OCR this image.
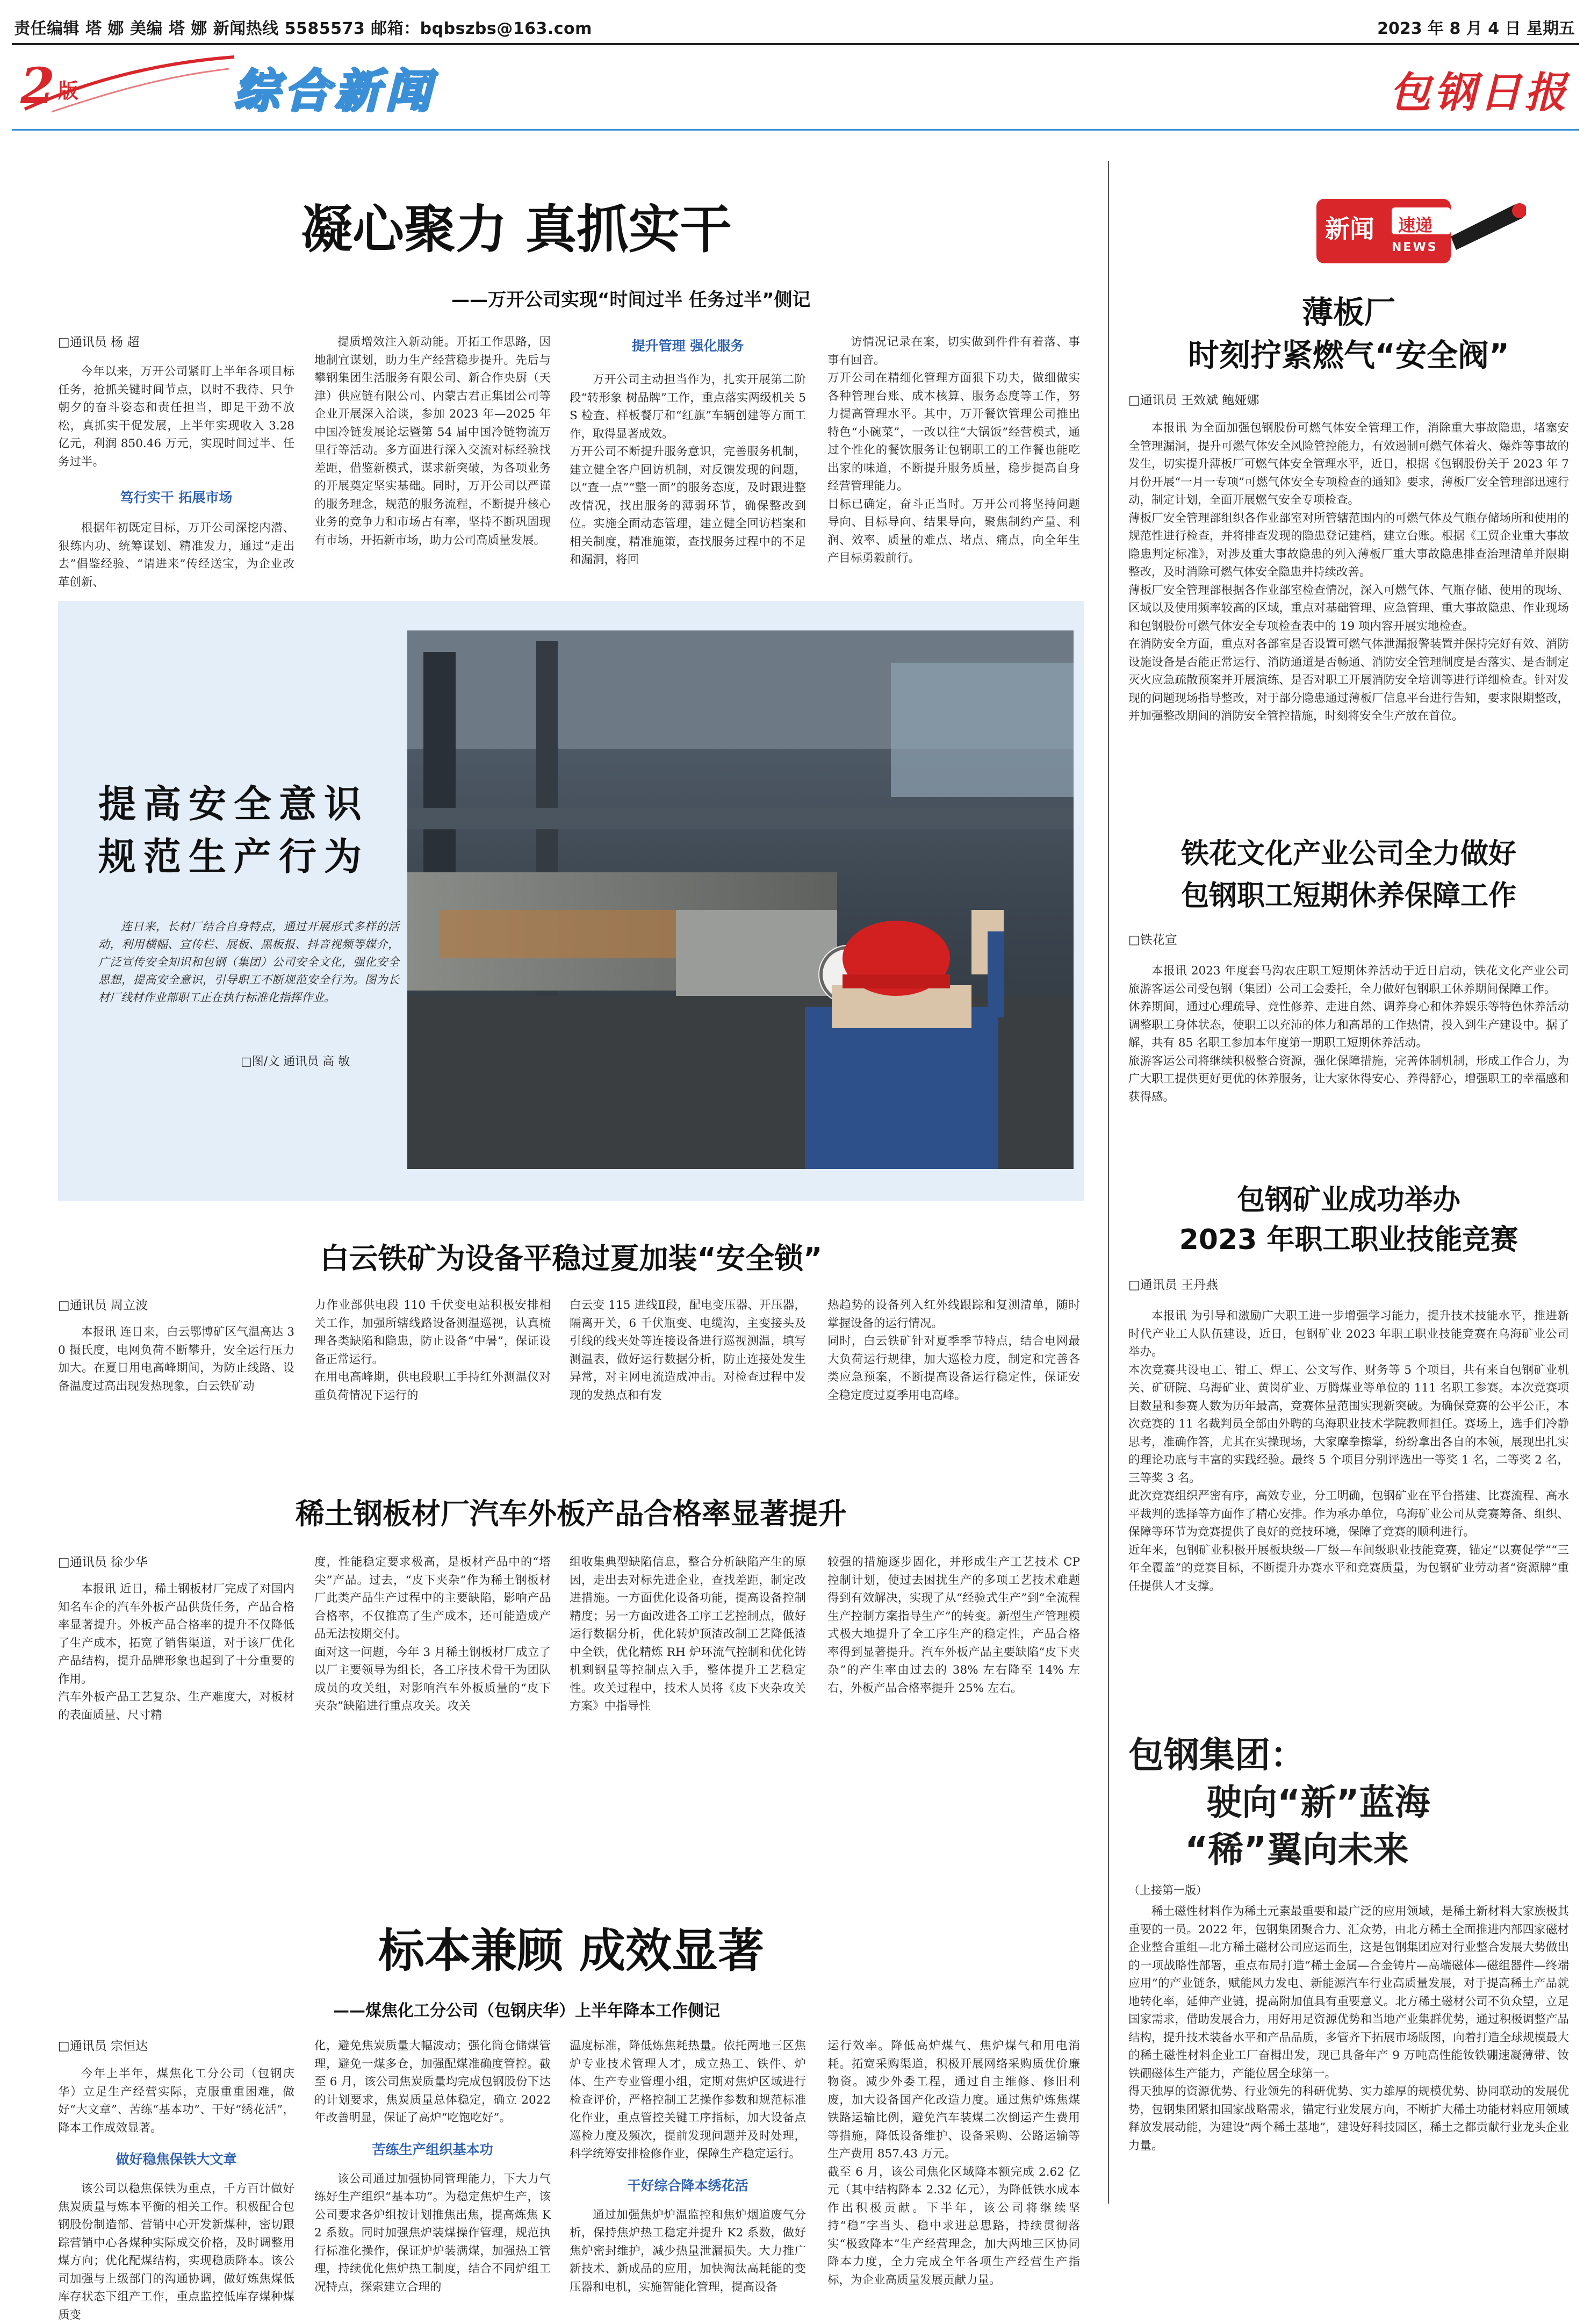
责任编辑 塔 娜 美编 塔 娜 新闻热线 5585573 邮箱：bqbszbs@163.com	2023 年 8 月 4 日 星期五
2 版	综合新闻	包钢日报
凝心聚力 真抓实干
——万开公司实现“时间过半 任务过半”侧记
□通讯员 杨 超

今年以来，万开公司紧盯上半年各项目标任务，抢抓关键时间节点，以时不我待、只争朝夕的奋斗姿态和责任担当，即足干劲不放松，真抓实干促发展，上半年实现收入 3.28 亿元，利润 850.46 万元，实现时间过半、任务过半。

笃行实干 拓展市场

根据年初既定目标，万开公司深挖内潜、狠练内功、统筹谋划、精准发力，通过“走出去”倡鉴经验、“请进来”传经送宝，为企业改革创新、

提质增效注入新动能。开拓工作思路，因地制宜谋划，助力生产经营稳步提升。先后与攀钢集团生活服务有限公司、新合作央厨（天津）供应链有限公司、内蒙古君正集团公司等企业开展深入洽谈，参加 2023 年—2025 年中国冷链发展论坛暨第 54 届中国冷链物流万里行等活动。多方面进行深入交流对标经验找差距，借鉴新模式，谋求新突破，为各项业务的开展奠定坚实基础。同时，万开公司以严谨的服务理念，规范的服务流程，不断提升核心业务的竞争力和市场占有率，坚持不断巩固现有市场，开拓新市场，助力公司高质量发展。

提升管理 强化服务
万开公司主动担当作为，扎实开展第二阶段“转形象 树品牌”工作，重点落实两级机关 5S 检查、样板餐厅和“红旗”车辆创建等方面工作，取得显著成效。
万开公司不断提升服务意识，完善服务机制，建立健全客户回访机制，对反馈发现的问题，以“查一点”“整一面”的服务态度，及时跟进整改情况，找出服务的薄弱环节，确保整改到位。实施全面动态管理，建立健全回访档案和相关制度，精准施策，查找服务过程中的不足和漏洞，将回
访情况记录在案，切实做到件件有着落、事事有回音。
万开公司在精细化管理方面狠下功夫，做细做实各种管理台账、成本核算、服务态度等工作，努力提高管理水平。其中，万开餐饮管理公司推出特色“小碗菜”，一改以往“大锅饭”经营模式，通过个性化的餐饮服务让包钢职工的工作餐也能吃出家的味道，不断提升服务质量，稳步提高自身经营管理能力。
目标已确定，奋斗正当时。万开公司将坚持问题导向、目标导向、结果导向，聚焦制约产量、利润、效率、质量的难点、堵点、痛点，向全年生产目标勇毅前行。
提高安全意识
规范生产行为
连日来，长材厂结合自身特点，通过开展形式多样的活动，利用横幅、宣传栏、展板、黑板报、抖音视频等媒介，广泛宣传安全知识和包钢（集团）公司安全文化，强化安全思想，提高安全意识，引导职工不断规范安全行为。图为长材厂线材作业部职工正在执行标准化指挥作业。
□图/文 通讯员 高 敏
白云铁矿为设备平稳过夏加装“安全锁”
□通讯员 周立波
本报讯 连日来，白云鄂博矿区气温高达 30 摄氏度，电网负荷不断攀升，安全运行压力加大。在夏日用电高峰期间，为防止线路、设备温度过高出现发热现象，白云铁矿动
力作业部供电段 110 千伏变电站积极安排相关工作，加强所辖线路设备测温巡视，认真梳理各类缺陷和隐患，防止设备“中暑”，保证设备正常运行。
在用电高峰期，供电段职工手持红外测温仪对重负荷情况下运行的
白云变 115 进线Ⅱ段，配电变压器、开压器，隔离开关，6 千伏瓶变、电缆沟，主变接头及引线的线夹处等连接设备进行巡视测温，填写测温表，做好运行数据分析，防止连接处发生异常，对主网电流造成冲击。对检查过程中发现的发热点和有发
热趋势的设备列入红外线跟踪和复测清单，随时掌握设备的运行情况。
同时，白云铁矿针对夏季季节特点，结合电网最大负荷运行规律，加大巡检力度，制定和完善各类应急预案，不断提高设备运行稳定性，保证安全稳定度过夏季用电高峰。
稀土钢板材厂汽车外板产品合格率显著提升
□通讯员 徐少华
本报讯 近日，稀土钢板材厂完成了对国内知名车企的汽车外板产品供货任务，产品合格率显著提升。外板产品合格率的提升不仅降低了生产成本，拓宽了销售渠道，对于该厂优化产品结构，提升品牌形象也起到了十分重要的作用。
汽车外板产品工艺复杂、生产难度大，对板材的表面质量、尺寸精
度，性能稳定要求极高，是板材产品中的“塔尖”产品。过去，“皮下夹杂”作为稀土钢板材厂此类产品生产过程中的主要缺陷，影响产品合格率，不仅推高了生产成本，还可能造成产品无法按期交付。
面对这一问题，今年 3 月稀土钢板材厂成立了以厂主要领导为组长，各工序技术骨干为团队成员的攻关组，对影响汽车外板质量的“皮下夹杂”缺陷进行重点攻关。攻关
组收集典型缺陷信息，整合分析缺陷产生的原因，走出去对标先进企业，查找差距，制定改进措施。一方面优化设备功能，提高设备控制精度；另一方面改进各工序工艺控制点，做好运行数据分析，优化转炉顶渣改制工艺降低渣中全铁，优化精炼 RH 炉环流气控制和优化铸机剩钢量等控制点入手，整体提升工艺稳定性。攻关过程中，技术人员将《皮下夹杂攻关方案》中指导性
较强的措施逐步固化，并形成生产工艺技术 CP 控制计划，使过去困扰生产的多项工艺技术难题得到有效解决，实现了从“经验式生产”到“全流程生产控制方案指导生产”的转变。新型生产管理模式极大地提升了全工序生产的稳定性，产品合格率得到显著提升。汽车外板产品主要缺陷“皮下夹杂”的产生率由过去的 38% 左右降至 14% 左右，外板产品合格率提升 25% 左右。
标本兼顾 成效显著
——煤焦化工分公司（包钢庆华）上半年降本工作侧记
□通讯员 宗恒达

今年上半年，煤焦化工分公司（包钢庆华）立足生产经营实际，克服重重困难，做好“大文章”、苦练“基本功”、干好“绣花活”，降本工作成效显著。

做好稳焦保铁大文章

该公司以稳焦保铁为重点，千方百计做好焦炭质量与炼本平衡的相关工作。积极配合包钢股份制造部、营销中心开发新煤种，密切跟踪营销中心各煤种实际成交价格，及时调整用煤方向；优化配煤结构，实现稳质降本。该公司加强与上级部门的沟通协调，做好炼焦煤低库存状态下组产工作，重点监控低库存煤种煤质变

化，避免焦炭质量大幅波动；强化筒仓储煤管理，避免一煤多仓，加强配煤准确度管控。截至 6 月，该公司焦炭质量均完成包钢股份下达的计划要求，焦炭质量总体稳定，确立 2022 年改善明显，保证了高炉“吃饱吃好”。
苦练生产组织基本功

该公司通过加强协同管理能力，下大力气练好生产组织“基本功”。为稳定焦炉生产，该公司要求各炉组按计划推焦出焦，提高炼焦 K2 系数。同时加强焦炉装煤操作管理，规范执行标准化操作，保证炉炉装满煤，加强热工管理，持续优化焦炉热工制度，结合不同炉组工况特点，探索建立合理的

温度标准，降低炼焦耗热量。依托两地三区焦炉专业技术管理人才，成立热工、铁件、炉体、生产专业管理小组，定期对焦炉区域进行检查评价，严格控制工艺操作参数和规范标准化作业，重点管控关键工序指标，加大设备点巡检力度及频次，提前发现问题并及时处理，科学统筹安排检修作业，保障生产稳定运行。
干好综合降本绣花活

通过加强焦炉炉温监控和焦炉烟道废气分析，保持焦炉热工稳定并提升 K2 系数，做好焦炉密封维护，减少热量泄漏损失。大力推广新技术、新成品的应用，加快淘汰高耗能的变压器和电机，实施智能化管理，提高设备

运行效率。降低高炉煤气、焦炉煤气和用电消耗。拓宽采购渠道，积极开展网络采购质优价廉物资。减少外委工程，通过自主维修、修旧利废，加大设备国产化改造力度。通过焦炉炼焦煤铁路运输比例，避免汽车装煤二次倒运产生费用等措施，降低设备维护、设备采购、公路运输等生产费用 857.43 万元。
截至 6 月，该公司焦化区域降本额完成 2.62 亿元（其中结构降本 2.32 亿元），为降低铁水成本作出积极贡献。下半年，该公司将继续坚持“稳”字当头、稳中求进总思路，持续贯彻落实“极致降本”生产经营理念，加大两地三区协同降本力度，全力完成全年各项生产经营生产指标，为企业高质量发展贡献力量。
新闻 速递
NEWS
薄板厂
时刻拧紧燃气“安全阀”
□通讯员 王效斌 鲍娅娜
本报讯 为全面加强包钢股份可燃气体安全管理工作，消除重大事故隐患，堵塞安全管理漏洞，提升可燃气体安全风险管控能力，有效遏制可燃气体着火、爆炸等事故的发生，切实提升薄板厂可燃气体安全管理水平，近日，根据《包钢股份关于 2023 年 7 月份开展“一月一专项”可燃气体安全专项检查的通知》要求，薄板厂安全管理部迅速行动，制定计划，全面开展燃气安全专项检查。
薄板厂安全管理部组织各作业部室对所管辖范围内的可燃气体及气瓶存储场所和使用的规范性进行检查，并将排查发现的隐患登记建档，建立台账。根据《工贸企业重大事故隐患判定标准》，对涉及重大事故隐患的列入薄板厂重大事故隐患排查治理清单并限期整改，及时消除可燃气体安全隐患并持续改善。
薄板厂安全管理部根据各作业部室检查情况，深入可燃气体、气瓶存储、使用的现场、区域以及使用频率较高的区域，重点对基础管理、应急管理、重大事故隐患、作业现场和包钢股份可燃气体安全专项检查表中的 19 项内容开展实地检查。
在消防安全方面，重点对各部室是否设置可燃气体泄漏报警装置并保持完好有效、消防设施设备是否能正常运行、消防通道是否畅通、消防安全管理制度是否落实、是否制定灭火应急疏散预案并开展演练、是否对职工开展消防安全培训等进行详细检查。针对发现的问题现场指导整改，对于部分隐患通过薄板厂信息平台进行告知，要求限期整改，并加强整改期间的消防安全管控措施，时刻将安全生产放在首位。
铁花文化产业公司全力做好
包钢职工短期休养保障工作
□铁花宣
本报讯 2023 年度套马沟农庄职工短期休养活动于近日启动，铁花文化产业公司旅游客运公司受包钢（集团）公司工会委托，全力做好包钢职工休养期间保障工作。
休养期间，通过心理疏导、竞性修养、走进自然、调养身心和休养娱乐等特色休养活动调整职工身体状态，使职工以充沛的体力和高昂的工作热情，投入到生产建设中。据了解，共有 85 名职工参加本年度第一期职工短期休养活动。
旅游客运公司将继续积极整合资源，强化保障措施，完善体制机制，形成工作合力，为广大职工提供更好更优的休养服务，让大家休得安心、养得舒心，增强职工的幸福感和获得感。
包钢矿业成功举办
2023 年职工职业技能竞赛
□通讯员 王丹燕
本报讯 为引导和激励广大职工进一步增强学习能力，提升技术技能水平，推进新时代产业工人队伍建设，近日，包钢矿业 2023 年职工职业技能竞赛在乌海矿业公司举办。
本次竞赛共设电工、钳工、焊工、公文写作、财务等 5 个项目，共有来自包钢矿业机关、矿研院、乌海矿业、黄岗矿业、万腾煤业等单位的 111 名职工参赛。本次竞赛项目数量和参赛人数为历年最高，竞赛体量范围实现新突破。为确保竞赛的公平公正，本次竞赛的 11 名裁判员全部由外聘的乌海职业技术学院教师担任。赛场上，选手们冷静思考，准确作答，尤其在实操现场，大家摩拳擦掌，纷纷拿出各自的本领，展现出扎实的理论功底与丰富的实践经验。最终 5 个项目分别评选出一等奖 1 名，二等奖 2 名，三等奖 3 名。
此次竞赛组织严密有序，高效专业，分工明确，包钢矿业在平台搭建、比赛流程、高水平裁判的选择等方面作了精心安排。作为承办单位，乌海矿业公司从竞赛筹备、组织、保障等环节为竞赛提供了良好的竞技环境，保障了竞赛的顺利进行。
近年来，包钢矿业积极开展板块级—厂级—车间级职业技能竞赛，锚定“以赛促学”“三年全覆盖”的竞赛目标，不断提升办赛水平和竞赛质量，为包钢矿业劳动者“资源牌”重任提供人才支撑。
包钢集团：
驶向“新”蓝海
“稀”翼向未来
（上接第一版）
稀土磁性材料作为稀土元素最重要和最广泛的应用领域，是稀土新材料大家族极其重要的一员。2022 年，包钢集团聚合力、汇众势，由北方稀土全面推进内部四家磁材企业整合重组—北方稀土磁材公司应运而生，这是包钢集团应对行业整合发展大势做出的一项战略性部署，重点布局打造“稀土金属—合金铸片—高端磁体—磁组器件—终端应用”的产业链条，赋能风力发电、新能源汽车行业高质量发展，对于提高稀土产品就地转化率，延伸产业链，提高附加值具有重要意义。北方稀土磁材公司不负众望，立足国家需求，借助发展合力，用好用足资源优势和当地产业集群优势，通过积极调整产品结构，提升技术装备水平和产品品质，多管齐下拓展市场版图，向着打造全球规模最大的稀土磁性材料企业工厂奋楫出发，现已具备年产 9 万吨高性能钕铁硼速凝薄带、钕铁硼磁体生产能力，产能位居全球第一。
得天独厚的资源优势、行业领先的科研优势、实力雄厚的规模优势、协同联动的发展优势，包钢集团紧扣国家战略需求，锚定行业发展方向，不断扩大稀土功能材料应用领域释放发展动能，为建设“两个稀土基地”，建设好科技园区，稀土之都贡献行业龙头企业力量。
